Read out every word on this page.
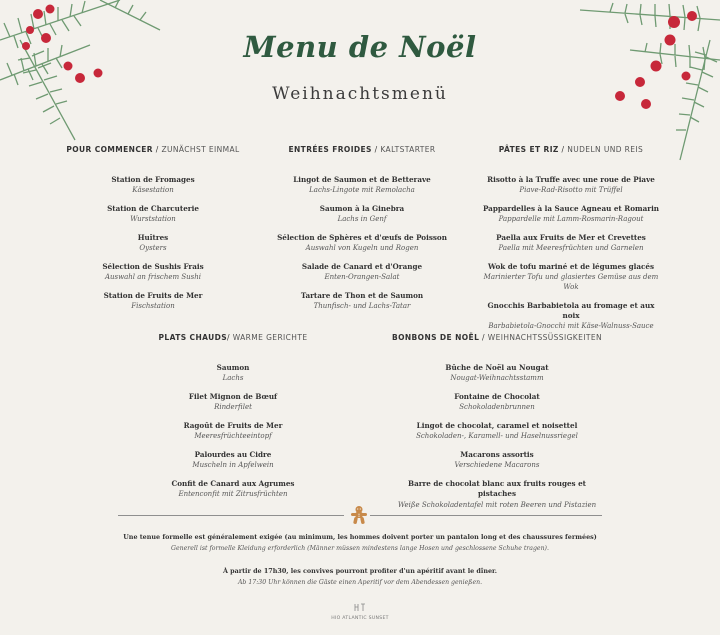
Menu de Noël
Weihnachtsmenü
POUR COMMENCER / ZUNÄCHST EINMAL
Station de Fromages
Käsestation
Station de Charcuterie
Wurststation
Huîtres
Oysters
Sélection de Sushis Frais
Auswahl an frischem Sushi
Station de Fruits de Mer
Fischstation
ENTRÉES FROIDES / KALTSTARTER
Lingot de Saumon et de Betterave
Lachs-Lingote mit Remolacha
Saumon à la Ginebra
Lachs in Genf
Sélection de Sphères et d'œufs de Poisson
Auswahl von Kugeln und Rogen
Salade de Canard et d'Orange
Enten-Orangen-Salat
Tartare de Thon et de Saumon
Thunfisch- und Lachs-Tatar
PÂTES ET RIZ / NUDELN UND REIS
Risotto à la Truffe avec une roue de Piave
Piave-Rad-Risotto mit Trüffel
Pappardelles à la Sauce Agneau et Romarin
Pappardelle mit Lamm-Rosmarin-Ragout
Paella aux Fruits de Mer et Crevettes
Paella mit Meeresfrüchten und Garnelen
Wok de tofu mariné et de légumes glacés
Marinierter Tofu und glasiertes Gemüse aus dem Wok
Gnocchis Barbabietola au fromage et aux noix
Barbabietola-Gnocchi mit Käse-Walnuss-Sauce
PLATS CHAUDS/ WARME GERICHTE
Saumon
Lachs
Filet Mignon de Bœuf
Rinderfilet
Ragoût de Fruits de Mer
Meeresfrüchteeintopf
Palourdes au Cidre
Muscheln in Apfelwein
Confit de Canard aux Agrumes
Entenconfit mit Zitrusfrüchten
BONBONS DE NOËL / WEIHNACHTSSÜSSIGKEITEN
Bûche de Noël au Nougat
Nougat-Weihnachtsstamm
Fontaine de Chocolat
Schokoladenbrunnen
Lingot de chocolat, caramel et noisettel
Schokoladen-, Karamell- und Haselnussriegel
Macarons assortis
Verschiedene Macarons
Barre de chocolat blanc aux fruits rouges et pistaches
Weiße Schokoladentafel mit roten Beeren und Pistazien
Une tenue formelle est généralement exigée (au minimum, les hommes doivent porter un pantalon long et des chaussures fermées)
Generell ist formelle Kleidung erforderlich (Männer müssen mindestens lange Hosen und geschlossene Schuhe tragen).
À partir de 17h30, les convives pourront profiter d'un apéritif avant le dîner.
Ab 17:30 Uhr können die Gäste einen Aperitif vor dem Abendessen genießen.
HIO ATLANTIC SUNSET
